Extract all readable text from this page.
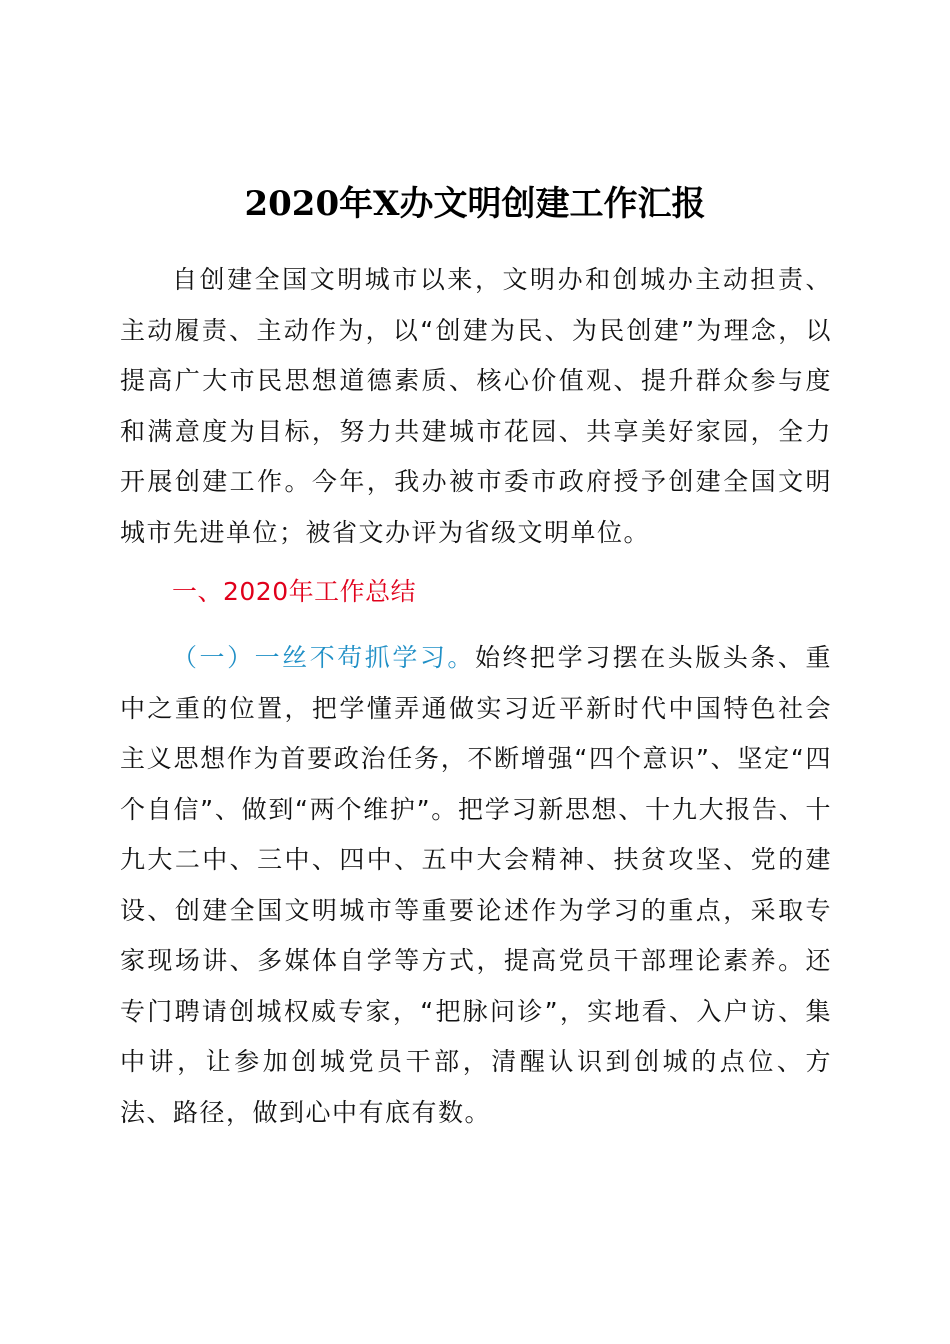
2020年X办文明创建工作汇报

自创建全国文明城市以来，文明办和创城办主动担责、主动履责、主动作为，以“创建为民、为民创建”为理念，以提高广大市民思想道德素质、核心价值观、提升群众参与度和满意度为目标，努力共建城市花园、共享美好家园，全力开展创建工作。今年，我办被市委市政府授予创建全国文明城市先进单位；被省文办评为省级文明单位。

一、2020年工作总结

（一）一丝不苟抓学习。始终把学习摆在头版头条、重中之重的位置，把学懂弄通做实习近平新时代中国特色社会主义思想作为首要政治任务，不断增强“四个意识”、坚定“四个自信”、做到“两个维护”。把学习新思想、十九大报告、十九大二中、三中、四中、五中大会精神、扶贫攻坚、党的建设、创建全国文明城市等重要论述作为学习的重点，采取专家现场讲、多媒体自学等方式，提高党员干部理论素养。还专门聘请创城权威专家，“把脉问诊”，实地看、入户访、集中讲，让参加创城党员干部，清醒认识到创城的点位、方法、路径，做到心中有底有数。
